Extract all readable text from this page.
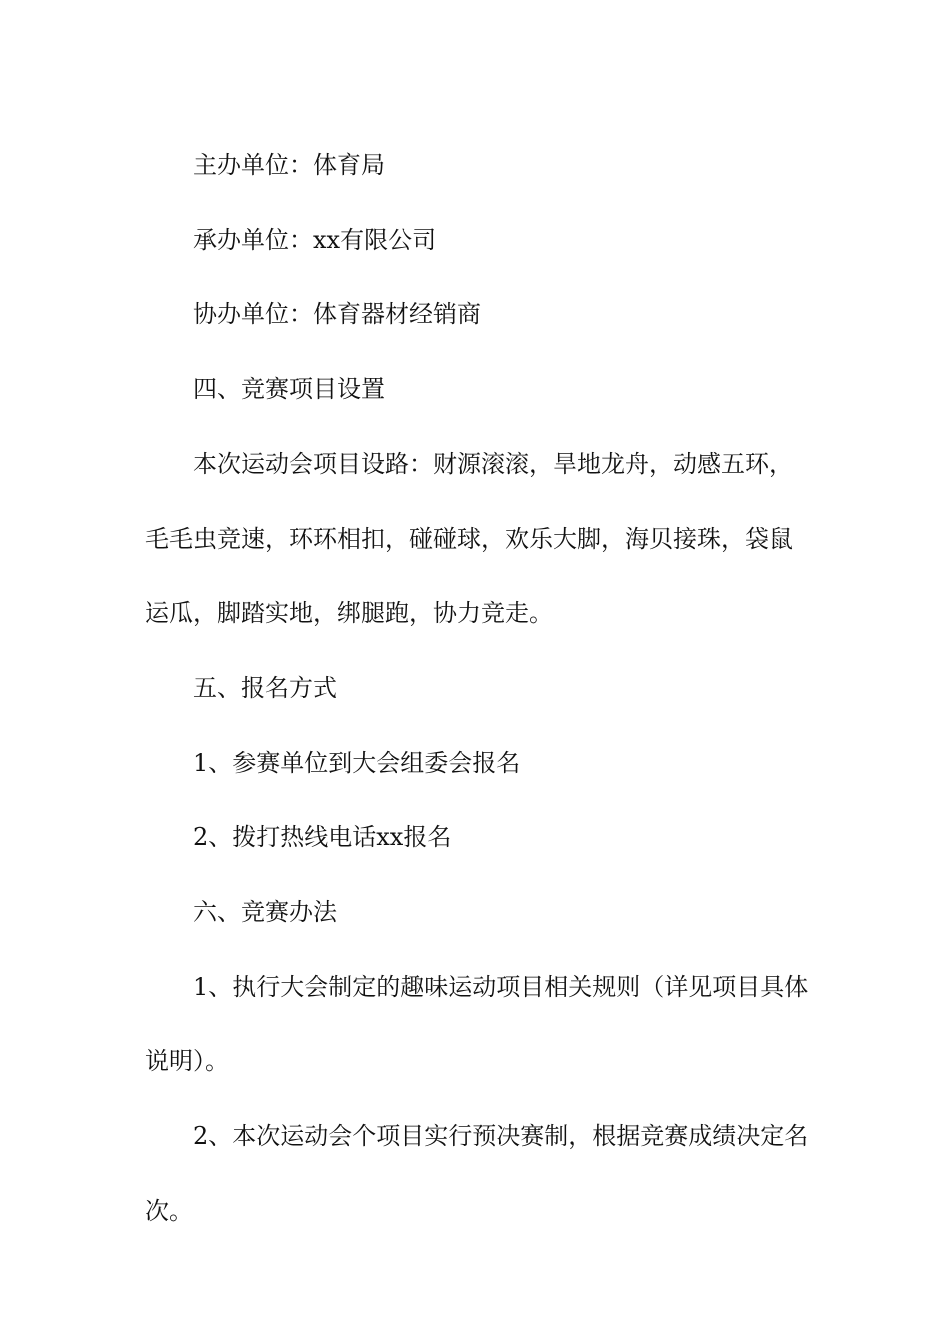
主办单位：体育局

承办单位：xx有限公司

协办单位：体育器材经销商

四、竞赛项目设置

本次运动会项目设路：财源滚滚，旱地龙舟，动感五环，毛毛虫竞速，环环相扣，碰碰球，欢乐大脚，海贝接珠，袋鼠运瓜，脚踏实地，绑腿跑，协力竞走。

五、报名方式

1、参赛单位到大会组委会报名

2、拨打热线电话xx报名

六、竞赛办法

1、执行大会制定的趣味运动项目相关规则（详见项目具体说明）。

2、本次运动会个项目实行预决赛制，根据竞赛成绩决定名次。
